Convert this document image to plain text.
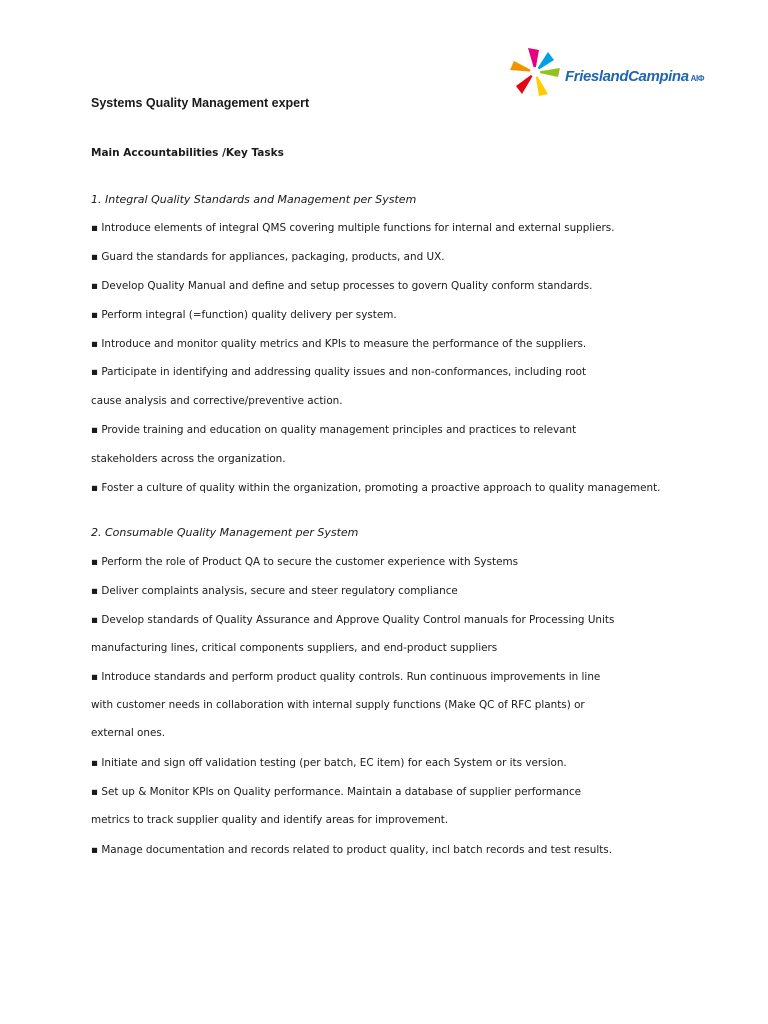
FrieslandCampina ΑΙΦ
Systems Quality Management expert
Main Accountabilities /Key Tasks

1. Integral Quality Standards and Management per System

▪ Introduce elements of integral QMS covering multiple functions for internal and external suppliers.

▪ Guard the standards for appliances, packaging, products, and UX.

▪ Develop Quality Manual and define and setup processes to govern Quality conform standards.

▪ Perform integral (=function) quality delivery per system.

▪ Introduce and monitor quality metrics and KPIs to measure the performance of the suppliers.

▪ Participate in identifying and addressing quality issues and non-conformances, including root

cause analysis and corrective/preventive action.

▪ Provide training and education on quality management principles and practices to relevant

stakeholders across the organization.

▪ Foster a culture of quality within the organization, promoting a proactive approach to quality management.

2. Consumable Quality Management per System

▪ Perform the role of Product QA to secure the customer experience with Systems

▪ Deliver complaints analysis, secure and steer regulatory compliance

▪ Develop standards of Quality Assurance and Approve Quality Control manuals for Processing Units

manufacturing lines, critical components suppliers, and end-product suppliers

▪ Introduce standards and perform product quality controls. Run continuous improvements in line

with customer needs in collaboration with internal supply functions (Make QC of RFC plants) or

external ones.

▪ Initiate and sign off validation testing (per batch, EC item) for each System or its version.

▪ Set up & Monitor KPIs on Quality performance. Maintain a database of supplier performance

metrics to track supplier quality and identify areas for improvement.

▪ Manage documentation and records related to product quality, incl batch records and test results.
